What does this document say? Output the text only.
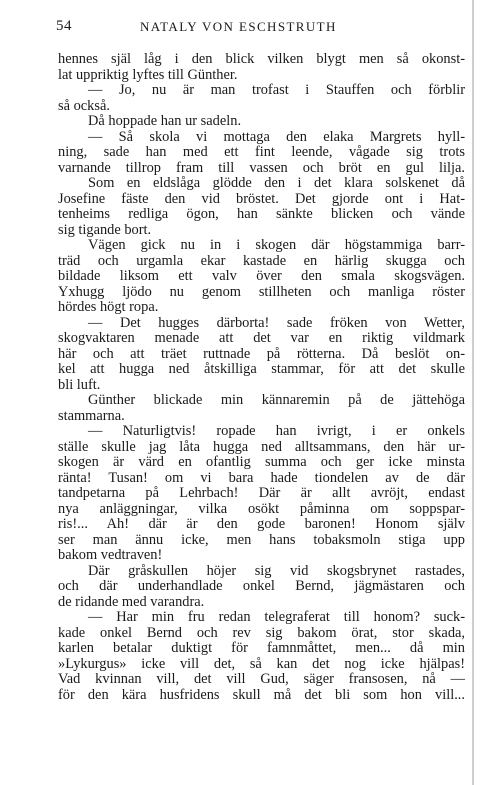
54	NATALY VON ESCHSTRUTH
hennes själ låg i den blick vilken blygt men så okonst-
lat uppriktig lyftes till Günther.
— Jo, nu är man trofast i Stauffen och förblir
så också.
Då hoppade han ur sadeln.
— Så skola vi mottaga den elaka Margrets hyll-
ning, sade han med ett fint leende, vågade sig trots
varnande tillrop fram till vassen och bröt en gul lilja.
Som en eldslåga glödde den i det klara solskenet då
Josefine fäste den vid bröstet. Det gjorde ont i Hat-
tenheims redliga ögon, han sänkte blicken och vände
sig tigande bort.
Vägen gick nu in i skogen där högstammiga barr-
träd och urgamla ekar kastade en härlig skugga och
bildade liksom ett valv över den smala skogsvägen.
Yxhugg ljödo nu genom stillheten och manliga röster
hördes högt ropa.
— Det hugges därborta! sade fröken von Wetter,
skogvaktaren menade att det var en riktig vildmark
här och att träet ruttnade på rötterna. Då beslöt on-
kel att hugga ned åtskilliga stammar, för att det skulle
bli luft.
Günther blickade min kännaremin på de jättehöga
stammarna.
— Naturligtvis! ropade han ivrigt, i er onkels
ställe skulle jag låta hugga ned alltsammans, den här ur-
skogen är värd en ofantlig summa och ger icke minsta
ränta! Tusan! om vi bara hade tiondelen av de där
tandpetarna på Lehrbach! Där är allt avröjt, endast
nya anläggningar, vilka osökt påminna om soppspar-
ris!... Ah! där är den gode baronen! Honom själv
ser man ännu icke, men hans tobaksmoln stiga upp
bakom vedtraven!
Där gråskullen höjer sig vid skogsbrynet rastades,
och där underhandlade onkel Bernd, jägmästaren och
de ridande med varandra.
— Har min fru redan telegraferat till honom? suck-
kade onkel Bernd och rev sig bakom örat, stor skada,
karlen betalar duktigt för famnmåttet, men... då min
»Lykurgus» icke vill det, så kan det nog icke hjälpas!
Vad kvinnan vill, det vill Gud, säger fransosen, nå —
för den kära husfridens skull må det bli som hon vill...
